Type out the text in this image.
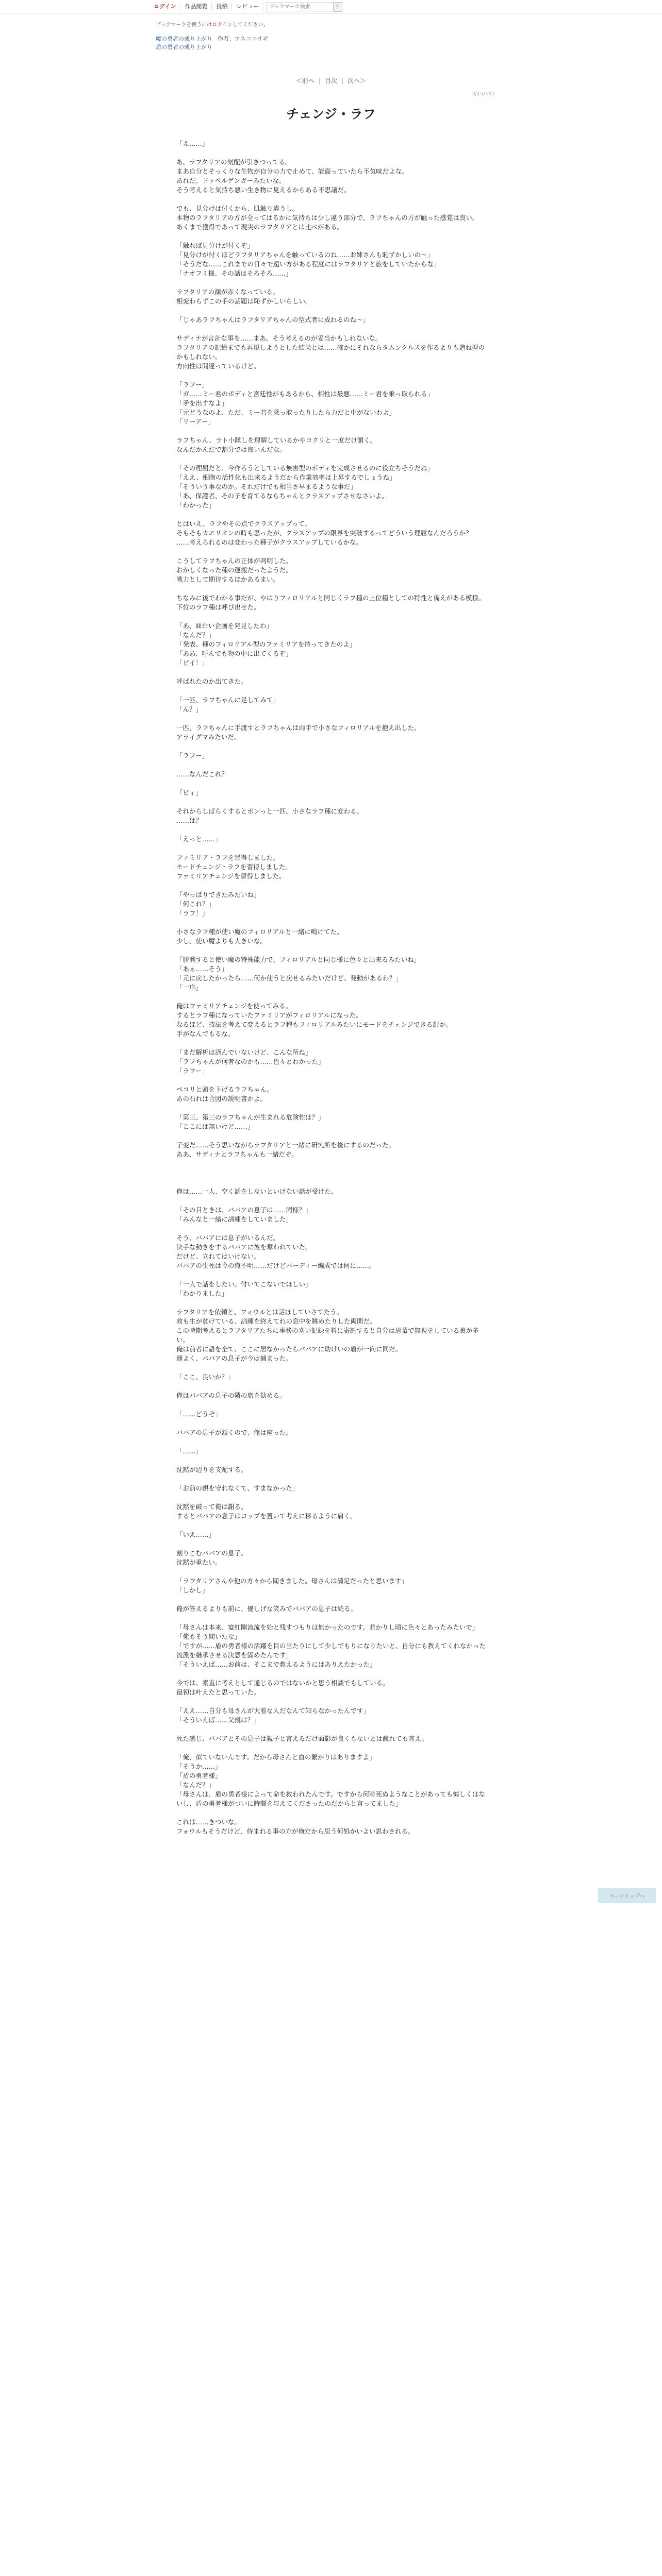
ログイン	作品閲覧	投稿	レビュー
ブックマーク検索	⚲
ブックマークを使うにはログインしてください。
魔の勇者の成り上がり 作者： アネコユサギ
盾の勇者の成り上がり
＜前へ | 目次 | 次へ＞
3/15/181
チェンジ・ラフ

「え……」

あ、ラフタリアの気配が引きつってる。

まあ自分とそっくりな生物が自分の力で止めて、能面っていたら不気味だよな。

あれだ、ドッペルゲンガーみたいな。

そう考えると気持ち悪い生き物に見えるからある不思議だ。

でも、見分けは付くから、肌触り違うし。

本物のラフタリアの方が全ってはるかに気持ちは少し違う部分で、ラフちゃんの方が触った感覚は良い。

あくまで獲得であって現実のラフタリアとは比べがある。

「触れば見分けが付くぞ」

「見分けが付くほどラフタリアちゃんを触っているのね……お姉さんも恥ずかしいの〜」

「そうだな……これまでの日々で遠い方がある程度にはラフタリアと旅をしていたからな」

「ナオフミ様、その話はそろそろ……」

ラフタリアの顔が赤くなっている。

相変わらずこの手の話題は恥ずかしいらしい。

「じゃあラフちゃんはラフタリアちゃんの型式者に成れるのね〜」

サディナが言計な事を……まあ、そう考えるのが妥当かもしれないな。

ラフタリアの記憶までも再現しようとした結果とは……確かにそれならタムンクルスを作るよりも造ね型のかもしれない。

方向性は間違っているけど。

「ラフー」

「ガ……ミー君のボディと宮廷性がもあるから、相性は最悪……ミー君を乗っ取られる」

「矛を出すなよ」

「元どうなのよ、ただ、ミー君を乗っ取ったりしたら力だと中がないわよ」

「リーアー」

ラフちゃん、ラト小隊しを理解しているかやコクリと一度だけ頷く。

なんだかんだで割分では良いんだな。

「その理屈だと、今作ろうとしている無害型のボディを完成させるのに役立ちそうだね」

「ええ、細胞の活性化も出来るようだから作業効率は上昇するでしょうね」

「そういう事なのか。それだけでも相当さ早まるような事だ」

「あ、保護者、その子を育てるならちゃんとクラスアップさせなさいよ。」

「わかった」

とはいえ、ラフやその点でクラスアップって。

そもそもカエリオンの時も思ったが、クラスアップの限界を突破するってどういう理屈なんだろうか？

……考えられるのは変わった種子がクラスアップしているかな。

こうしてラフちゃんの正体が判明した。

おかしくなった種の運搬だったようだ。

戦力として期待するほかあるまい。

ちなみに後でわかる事だが、やはりフィロリアルと同じくラフ種の上位種としての特性と備えがある模様。

下位のラフ種は呼び出せた。

「あ、面白い企画を発見したわ」

「なんだ？」

「発表、種のフィロリアル型のファミリアを持ってきたのよ」

「ああ、呼んでも物の中に出てくるぞ」

「ピイ！」

呼ばれたのか出てきた。

「一匹、ラフちゃんに足してみて」

「ん？」

一匹、ラフちゃんに手渡すとラフちゃんは両手で小さなフィロリアルを抱え出した。

アライグマみたいだ。

「ラフー」

……なんだこれ？

「ピィ」

それからしばらくするとポンっと一匹、小さなラフ種に変わる。

……は？

「えっと……」

ファミリア・ラフを習得しました。

モードチェンジ・ラフを習得しました。

ファミリアチェンジを習得しました。

「やっぱりできたみたいね」

「何これ？」

「ラフ！」

小さなラフ種が使い魔のフィロリアルと一緒に鳴けてた。

少し、使い魔よりも大きいな。

「勝利すると使い魔の特殊能力で、フィロリアルと同じ様に色々と出来るみたいね」

「あぁ……そう」

「元に戻したかったら……何か使うと戻せるみたいだけど、発動があるわ？」

「一応」

俺はファミリアチェンジを使ってみる。

するとラフ種になっていたファミリアがフィロリアルになった。

なるほど、技法を考えて変えるとラフ種もフィロリアルみたいにモードをチェンジできる訳か。

手がなんでもるな。

「まだ解析は済んでいないけど、こんな所ね」

「ラフちゃんが何者なのかも……色々とわかった」

「ラフー」

ペコリと頭を下げるラフちゃん。

あの石れは合図の説明書かよ。

「第三、第三のラフちゃんが生まれる危険性は？」

「ここには無いけど……」

子変だ……そう思いながらラフタリアと一緒に研究所を後にするのだった。

ああ、サディナとラフちゃんも一緒だぞ。

俺は……一人、空く話をしないといけない話が受けた。

「その目ときは、ババアの息子は……同様？」

「みんなと一緒に訓練をしていました」

そう、ババアには息子がいるんだ。

決手な動きをするババアに彼を奪われていた。

だけど、立れてはいけない。

ババアの生死は今の俺不明……だけどバーディー編成では何に……。

「一人で話をしたい。付いてこないでほしい」

「わかりました」

ラフタリアを依頼と、フォウルとは話ほしていさてたう。

救も生が貧けている、訓練を終えてれの息中を眺めたりした両関だ。

この時期考えるとラフタリアたちに事務の刈い記録を料に寄託すると自分は思慕で無視をしている裏が多い。

俺は前者に語を全て、ここに居なかったらババアに助けいの盾が一向に同だ。

運よく、ババアの息子が今は捕まった。

「ここ、良いか？」

俺はババアの息子の隣の席を勧める。

「……どうぞ」

ババアの息子が頷くので、俺は座った。

「……」

沈黙が辺りを支配する。

「お前の親を守れなくて、すまなかった」

沈黙を破って俺は謝る。

するとババアの息子はコップを置いて考えに移るように肩く。

「いえ……」

割りこむババアの息子。

沈黙が重たい。

「ラフタリアさんや他の方々から聞きました。母さんは満足だったと思います」

「しかし」

俺が答えるよりも前に、優しげな笑みでババアの息子は続る。

「母さんは本来、宴紅剛流流を始と残すつもりは無かったのです。若かりし頃に色々とあったみたいで」

「俺もそう聞いたな」

「ですが……盾の勇者様の活躍を目の当たりにして少しでもりになりたいと、自分にも教えてくれなかった流派を継承させる決意を固めたんです」

「そういえば……お前は、そこまで教えるようにはありえたかった」

今では、素直に考えとして通じるのではないかと思う相談でもしている。

最初は叶えたと思っていた。

「ええ……自分も母さんが大着な人だなんて知らなかったんです」

「そういえば……父親は？」

死た感じ、ババアとその息子は親子と言えるだけ面影が良くもないとは醜れても言え。

「俺、似ていないんです。だから母さんと血の繋がりはありますよ」

「そうか……」

「盾の勇者様」

「なんだ？」

「母さんは、盾の勇者様によって命を救われたんです。ですから何時死ぬようなことがあっても悔しくはないし、盾の勇者様がついに時間を与えてくださったのだからと言ってました」

これは……きついな。

フォウルもそうだけど、侍まれる事の方が俺だから思う何処かいよい思わされる。

ページトップへ
